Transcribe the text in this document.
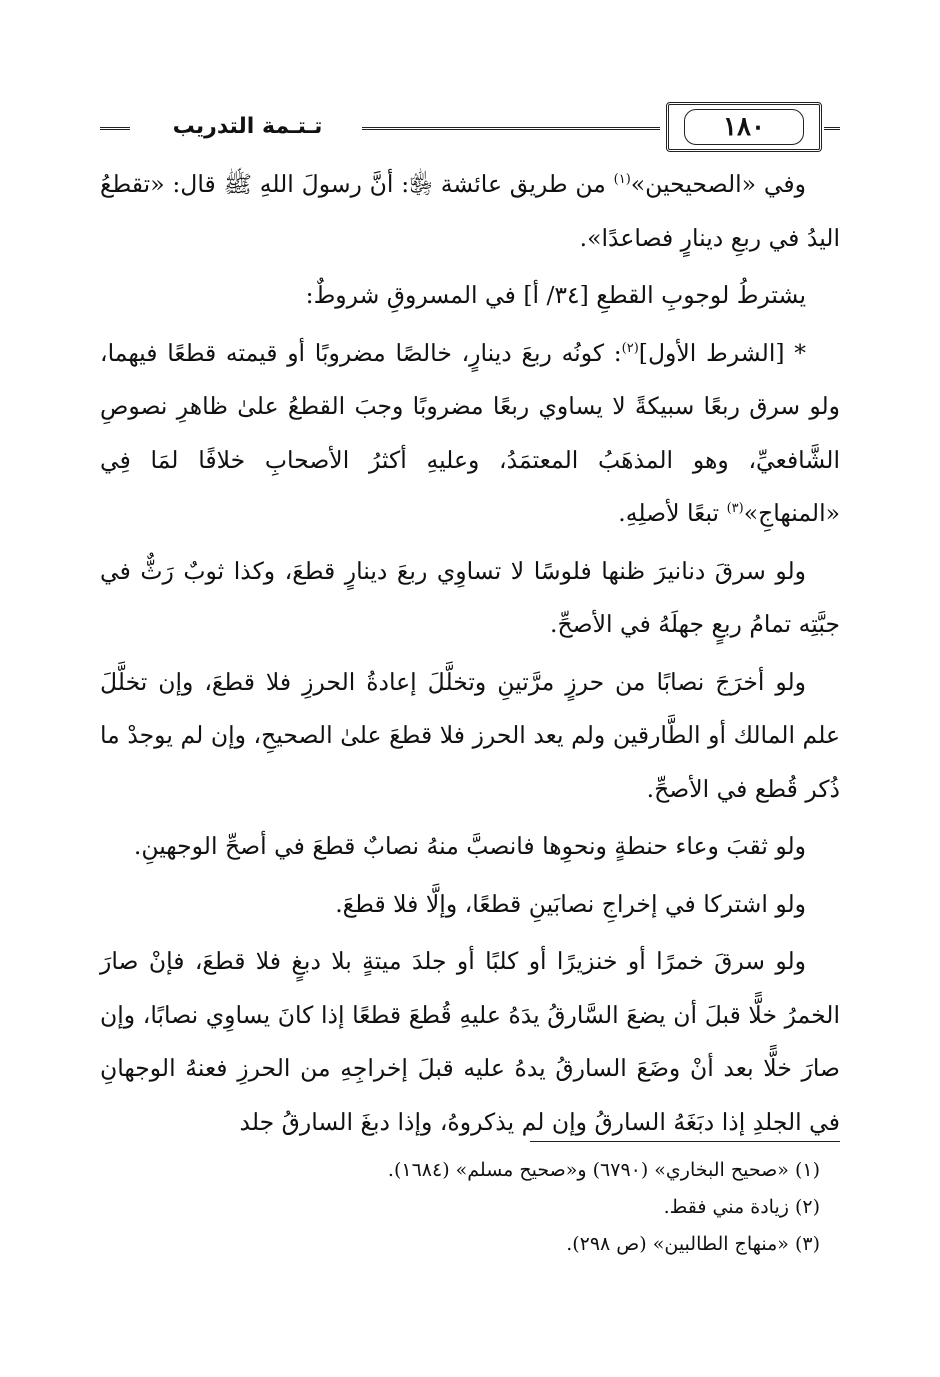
١٨٠
تـتـمة التدريب

وفي «الصحيحين»$^{(١)}$ من طريق عائشة ﵂: أنَّ رسولَ اللهِ ﷺ قال: «تقطعُ اليدُ في ربعِ دينارٍ فصاعدًا».

يشترطُ لوجوبِ القطعِ [٣٤/ أ] في المسروقِ شروطٌ:

* [الشرط الأول]$^{(٢)}$: كونُه ربعَ دينارٍ، خالصًا مضروبًا أو قيمته قطعًا فيهما، ولو سرق ربعًا سبيكةً لا يساوي ربعًا مضروبًا وجبَ القطعُ علىٰ ظاهرِ نصوصِ الشَّافعيِّ، وهو المذهَبُ المعتمَدُ، وعليهِ أكثرُ الأصحابِ خلافًا لمَا فِي «المنهاجِ»$^{(٣)}$ تبعًا لأصلِهِ.

ولو سرقَ دنانيرَ ظنها فلوسًا لا تساوِي ربعَ دينارٍ قطعَ، وكذا ثوبٌ رَثٌّ في جبَّتِه تمامُ ربعٍ جهلَهُ في الأصحِّ.

ولو أخرَجَ نصابًا من حرزٍ مرَّتينِ وتخلَّلَ إعادةُ الحرزِ فلا قطعَ، وإن تخلَّلَ علم المالك أو الطَّارقين ولم يعد الحرز فلا قطعَ علىٰ الصحيحِ، وإن لم يوجدْ ما ذُكر قُطع في الأصحِّ.

ولو ثقبَ وعاء حنطةٍ ونحوِها فانصبَّ منهُ نصابٌ قطعَ في أصحِّ الوجهينِ.

ولو اشتركا في إخراجِ نصابَينِ قطعًا، وإلَّا فلا قطعَ.

ولو سرقَ خمرًا أو خنزيرًا أو كلبًا أو جلدَ ميتةٍ بلا دبغٍ فلا قطعَ، فإنْ صارَ الخمرُ خلًّا قبلَ أن يضعَ السَّارقُ يدَهُ عليهِ قُطعَ قطعًا إذا كانَ يساوِي نصابًا، وإن صارَ خلًّا بعد أنْ وضَعَ السارقُ يدهُ عليه قبلَ إخراجِهِ من الحرزِ فعنهُ الوجهانِ في الجلدِ إذا دبَغَهُ السارقُ وإن لم يذكروهُ، وإذا دبغَ السارقُ جلد

(١) «صحيح البخاري» (٦٧٩٠) و«صحيح مسلم» (١٦٨٤).
(٢) زيادة مني فقط.
(٣) «منهاج الطالبين» (ص ٢٩٨).
